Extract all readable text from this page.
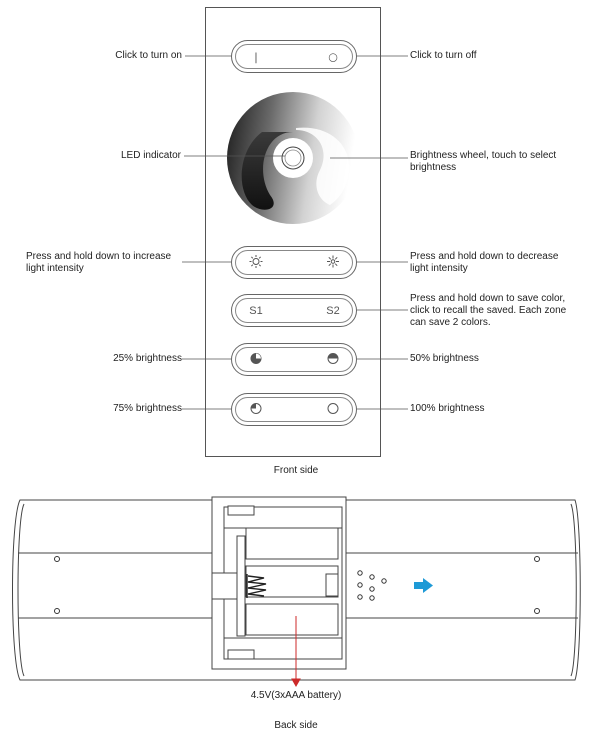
|	○
S1	S2
Click to turn on	Click to turn off
LED indicator	Brightness wheel, touch to select
brightness
Press and hold down to increase
light intensity
Press and hold down to decrease
light intensity
Press and hold down to save color,
click to recall the saved. Each zone
can save 2 colors.
25% brightness	50% brightness
75% brightness	100% brightness
Front side
4.5V(3xAAA battery)
Back side
